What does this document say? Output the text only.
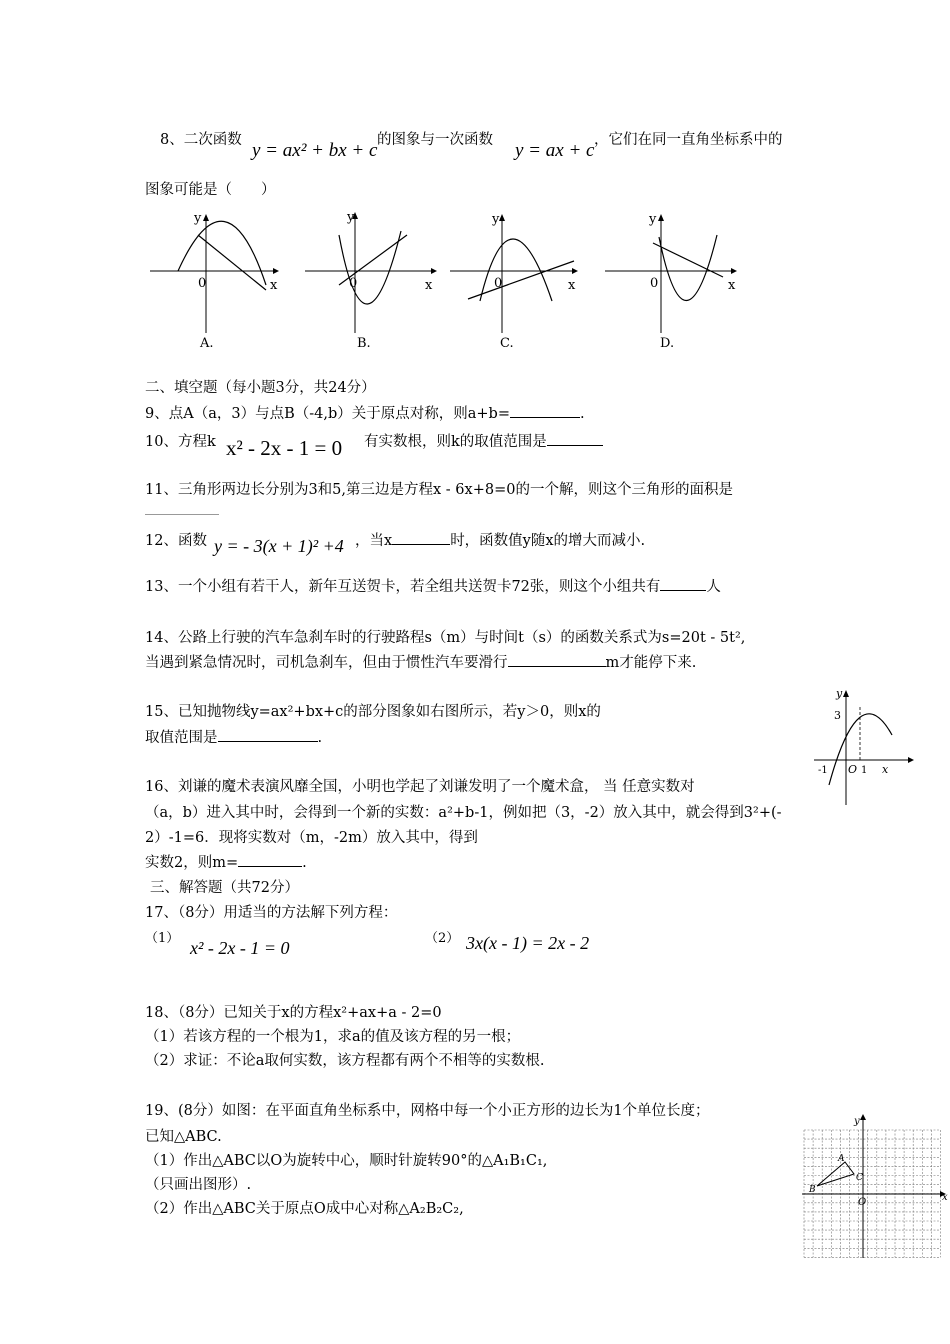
8、二次函数 y = ax² + bx + c 的图象与一次函数 y = ax + c ，它们在同一直角坐标系中的
图象可能是（　　）
y
x
0
A.
y
x
0
B.
y
x
0
C.
y
x
0
D.
二、填空题（每小题3分，共24分）
9、点A（a，3）与点B（-4,b）关于原点对称，则a+b=	.
10、方程k x² - 2x - 1 = 0 有实数根，则k的取值范围是
11、三角形两边长分别为3和5,第三边是方程x - 6x+8=0的一个解，则这个三角形的面积是
12、函数 y = - 3(x + 1)² +4 ，当x	时，函数值y随x的增大而减小.
13、一个小组有若干人，新年互送贺卡，若全组共送贺卡72张，则这个小组共有	人
14、公路上行驶的汽车急刹车时的行驶路程s（m）与时间t（s）的函数关系式为s=20t - 5t²,
当遇到紧急情况时，司机急刹车，但由于惯性汽车要滑行	m才能停下来.
15、已知抛物线y=ax²+bx+c的部分图象如右图所示，若y＞0，则x的
取值范围是	.
y
3
-1 O 1 x
16、刘谦的魔术表演风靡全国，小明也学起了刘谦发明了一个魔术盒， 当 任意实数对
（a，b）进入其中时，会得到一个新的实数：a²+b-1，例如把（3，-2）放入其中，就会得到3²+(-
2）-1=6．现将实数对（m，-2m）放入其中，得到
实数2，则m=	.
三、解答题（共72分）
17、（8分）用适当的方法解下列方程：
（1） x² - 2x - 1 = 0	（2） 3x(x - 1) = 2x - 2
18、（8分）已知关于x的方程x²+ax+a - 2=0
（1）若该方程的一个根为1，求a的值及该方程的另一根；
（2）求证：不论a取何实数，该方程都有两个不相等的实数根.
19、(8分）如图：在平面直角坐标系中，网格中每一个小正方形的边长为1个单位长度；
已知△ABC.
（1）作出△ABC以O为旋转中心，顺时针旋转90°的△A₁B₁C₁,
（只画出图形）.
（2）作出△ABC关于原点O成中心对称△A₂B₂C₂,
y
x
O
A
B
C
